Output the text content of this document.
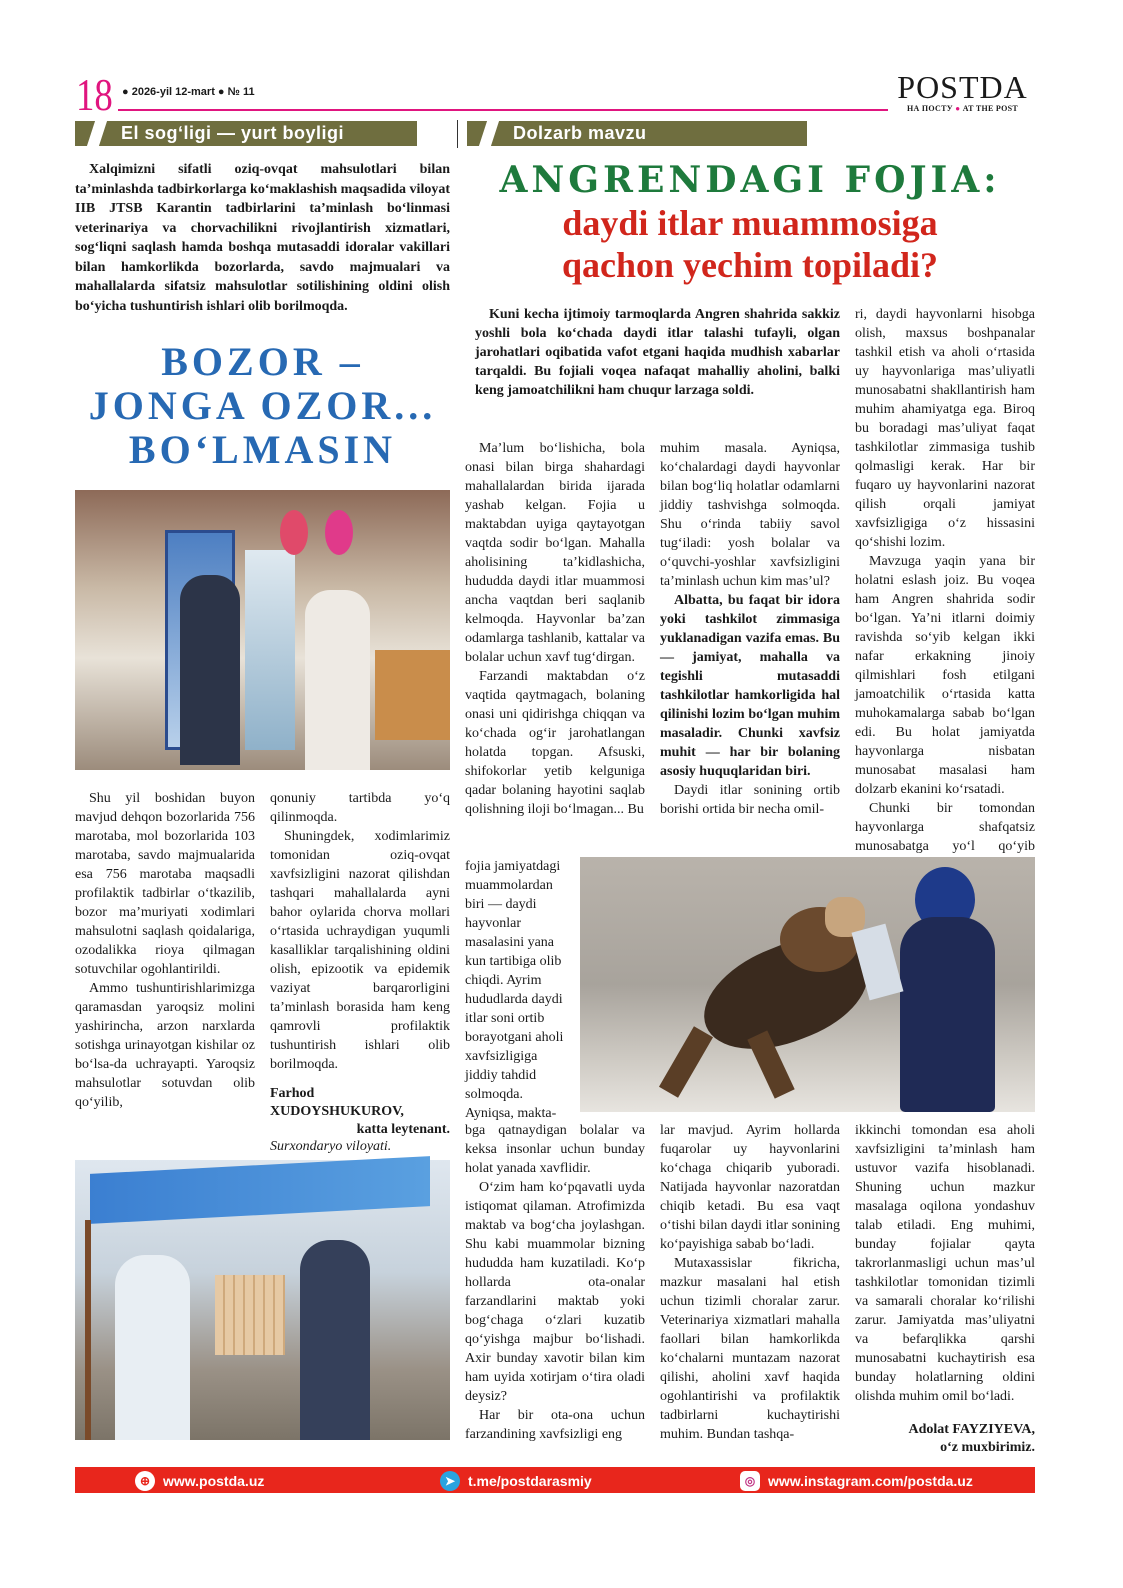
18 ● 2026-yil 12-mart ● № 11	POSTDA
НА ПОСТУ ● AT THE POST
El sogʻligi — yurt boyligi
Xalqimizni sifatli oziq-ovqat mahsulotlari bilan taʼminlashda tadbirkorlarga koʻmaklashish maqsadida viloyat IIB JTSB Karantin tadbirlarini taʼminlash boʻlinmasi veterinariya va chorvachilikni rivojlantirish xizmatlari, sogʻliqni saqlash hamda boshqa mutasaddi idoralar vakillari bilan hamkorlikda bozorlarda, savdo majmualari va mahallalarda sifatsiz mahsulotlar sotilishining oldini olish boʻyicha tushuntirish ishlari olib borilmoqda.
BOZOR –
JONGA OZOR...
BOʻLMASIN

Shu yil boshidan buyon mavjud dehqon bozorlarida 756 marotaba, mol bozorlarida 103 marotaba, savdo majmualarida esa 756 marotaba maqsadli profilaktik tadbirlar oʻtkazilib, bozor maʼmuriyati xodimlari mahsulotni saqlash qoidalariga, ozodalikka rioya qilmagan sotuvchilar ogohlantirildi.

Ammo tushuntirishlarimizga qaramasdan yaroqsiz molini yashirincha, arzon narxlarda sotishga urinayotgan kishilar oz boʻlsa-da uchrayapti. Yaroqsiz mahsulotlar sotuvdan olib qoʻyilib,

qonuniy tartibda yoʻq qilinmoqda.

Shuningdek, xodimlarimiz tomonidan oziq-ovqat xavfsizligini nazorat qilishdan tashqari mahallalarda ayni bahor oylarida chorva mollari oʻrtasida uchraydigan yuqumli kasalliklar tarqalishining oldini olish, epizootik va epidemik vaziyat barqarorligini taʼminlash borasida ham keng qamrovli profilaktik tushuntirish ishlari olib borilmoqda.

Farhod XUDOYSHUKUROV,
katta leytenant.
Surxondaryo viloyati.
Dolzarb mavzu
ANGRENDAGI FOJIA:
daydi itlar muammosiga
qachon yechim topiladi?
Kuni kecha ijtimoiy tarmoqlarda Angren shahrida sakkiz yoshli bola koʻchada daydi itlar talashi tufayli, olgan jarohatlari oqibatida vafot etgani haqida mudhish xabarlar tarqaldi. Bu fojiali voqea nafaqat mahalliy aholini, balki keng jamoatchilikni ham chuqur larzaga soldi.

Maʼlum boʻlishicha, bola onasi bilan birga shahardagi mahallalardan birida ijarada yashab kelgan. Fojia u maktabdan uyiga qaytayotgan vaqtda sodir boʻlgan. Mahalla aholisining taʼkidlashicha, hududda daydi itlar muammosi ancha vaqtdan beri saqlanib kelmoqda. Hayvonlar baʼzan odamlarga tashlanib, kattalar va bolalar uchun xavf tugʻdirgan.

Farzandi maktabdan oʻz vaqtida qaytmagach, bolaning onasi uni qidirishga chiqqan va koʻchada ogʻir jarohatlangan holatda topgan. Afsuski, shifokorlar yetib kelguniga qadar bolaning hayotini saqlab qolishning iloji boʻlmagan... Bu

fojia jamiyatdagi muammolardan biri — daydi hayvonlar masalasini yana kun tartibiga olib chiqdi. Ayrim hududlarda daydi itlar soni ortib borayotgani aholi xavfsizligiga jiddiy tahdid solmoqda. Ayniqsa, makta-

bga qatnaydigan bolalar va keksa insonlar uchun bunday holat yanada xavflidir.

Oʻzim ham koʻpqavatli uyda istiqomat qilaman. Atrofimizda maktab va bogʻcha joylashgan. Shu kabi muammolar bizning hududda ham kuzatiladi. Koʻp hollarda ota-onalar farzandlarini maktab yoki bogʻchaga oʻzlari kuzatib qoʻyishga majbur boʻlishadi. Axir bunday xavotir bilan kim ham uyida xotirjam oʻtira oladi deysiz?

Har bir ota-ona uchun farzandining xavfsizligi eng

muhim masala. Ayniqsa, koʻchalardagi daydi hayvonlar bilan bogʻliq holatlar odamlarni jiddiy tashvishga solmoqda. Shu oʻrinda tabiiy savol tugʻiladi: yosh bolalar va oʻquvchi-yoshlar xavfsizligini taʼminlash uchun kim masʼul?

Albatta, bu faqat bir idora yoki tashkilot zimmasiga yuklanadigan vazifa emas. Bu — jamiyat, mahalla va tegishli mutasaddi tashkilotlar hamkorligida hal qilinishi lozim boʻlgan muhim masaladir. Chunki xavfsiz muhit — har bir bolaning asosiy huquqlaridan biri.

Daydi itlar sonining ortib borishi ortida bir necha omil-

lar mavjud. Ayrim hollarda fuqarolar uy hayvonlarini koʻchaga chiqarib yuboradi. Natijada hayvonlar nazoratdan chiqib ketadi. Bu esa vaqt oʻtishi bilan daydi itlar sonining koʻpayishiga sabab boʻladi.

Mutaxassislar fikricha, mazkur masalani hal etish uchun tizimli choralar zarur. Veterinariya xizmatlari mahalla faollari bilan hamkorlikda koʻchalarni muntazam nazorat qilishi, aholini xavf haqida ogohlantirishi va profilaktik tadbirlarni kuchaytirishi muhim. Bundan tashqa-

ri, daydi hayvonlarni hisobga olish, maxsus boshpanalar tashkil etish va aholi oʻrtasida uy hayvonlariga masʼuliyatli munosabatni shakllantirish ham muhim ahamiyatga ega. Biroq bu boradagi masʼuliyat faqat tashkilotlar zimmasiga tushib qolmasligi kerak. Har bir fuqaro uy hayvonlarini nazorat qilish orqali jamiyat xavfsizligiga oʻz hissasini qoʻshishi lozim.

Mavzuga yaqin yana bir holatni eslash joiz. Bu voqea ham Angren shahrida sodir boʻlgan. Yaʼni itlarni doimiy ravishda soʻyib kelgan ikki nafar erkakning jinoiy qilmishlari fosh etilgani jamoatchilik oʻrtasida katta muhokamalarga sabab boʻlgan edi. Bu holat jamiyatda hayvonlarga nisbatan munosabat masalasi ham dolzarb ekanini koʻrsatadi.

Chunki bir tomondan hayvonlarga shafqatsiz munosabatga yoʻl qoʻyib

ikkinchi tomondan esa aholi xavfsizligini taʼminlash ham ustuvor vazifa hisoblanadi. Shuning uchun mazkur masalaga oqilona yondashuv talab etiladi. Eng muhimi, bunday fojialar qayta takrorlanmasligi uchun masʼul tashkilotlar tomonidan tizimli va samarali choralar koʻrilishi zarur. Jamiyatda masʼuliyatni va befarqlikka qarshi munosabatni kuchaytirish esa bunday holatlarning oldini olishda muhim omil boʻladi.
Adolat FAYZIYEVA,
oʻz muxbirimiz.
⊕ www.postda.uz	➤ t.me/postdarasmiy	◎ www.instagram.com/postda.uz
